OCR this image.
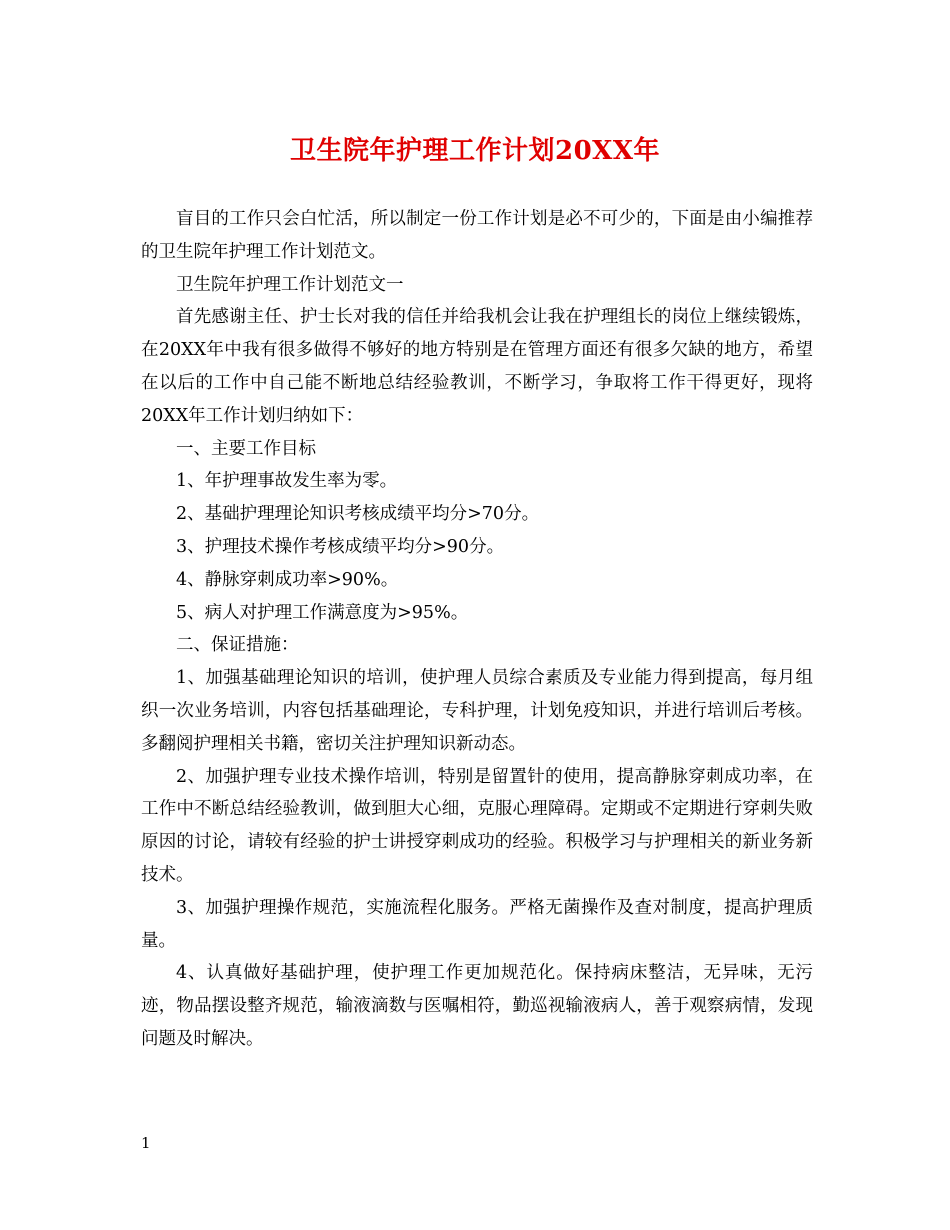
卫生院年护理工作计划20XX年

盲目的工作只会白忙活，所以制定一份工作计划是必不可少的，下面是由小编推荐的卫生院年护理工作计划范文。

卫生院年护理工作计划范文一

首先感谢主任、护士长对我的信任并给我机会让我在护理组长的岗位上继续锻炼，在20XX年中我有很多做得不够好的地方特别是在管理方面还有很多欠缺的地方，希望在以后的工作中自己能不断地总结经验教训，不断学习，争取将工作干得更好，现将20XX年工作计划归纳如下：

一、主要工作目标

1、年护理事故发生率为零。

2、基础护理理论知识考核成绩平均分>70分。

3、护理技术操作考核成绩平均分>90分。

4、静脉穿刺成功率>90%。

5、病人对护理工作满意度为>95%。

二、保证措施：

1、加强基础理论知识的培训，使护理人员综合素质及专业能力得到提高，每月组织一次业务培训，内容包括基础理论，专科护理，计划免疫知识，并进行培训后考核。多翻阅护理相关书籍，密切关注护理知识新动态。

2、加强护理专业技术操作培训，特别是留置针的使用，提高静脉穿刺成功率，在工作中不断总结经验教训，做到胆大心细，克服心理障碍。定期或不定期进行穿刺失败原因的讨论，请较有经验的护士讲授穿刺成功的经验。积极学习与护理相关的新业务新技术。

3、加强护理操作规范，实施流程化服务。严格无菌操作及查对制度，提高护理质量。

4、认真做好基础护理，使护理工作更加规范化。保持病床整洁，无异味，无污迹，物品摆设整齐规范，输液滴数与医嘱相符，勤巡视输液病人，善于观察病情，发现问题及时解决。

1
